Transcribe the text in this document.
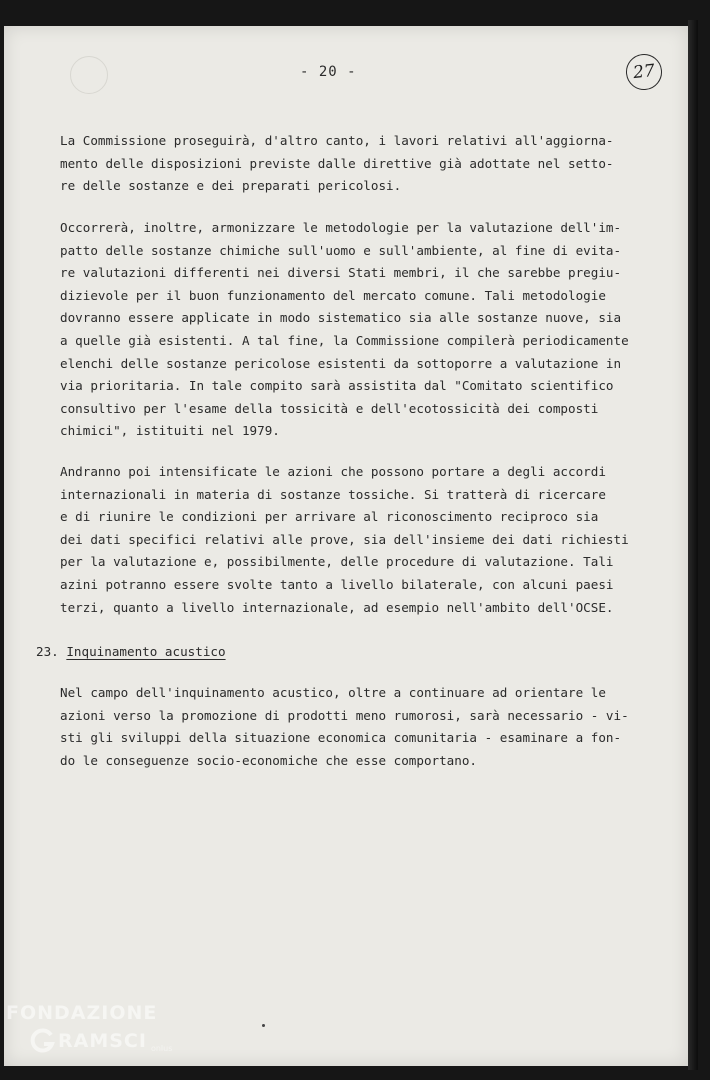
- 20 -	27

La Commissione proseguirà, d'altro canto, i lavori relativi all'aggiorna-
mento delle disposizioni previste dalle direttive già adottate nel setto-
re delle sostanze e dei preparati pericolosi.

Occorrerà, inoltre, armonizzare le metodologie per la valutazione dell'im-
patto delle sostanze chimiche sull'uomo e sull'ambiente, al fine di evita-
re valutazioni differenti nei diversi Stati membri, il che sarebbe pregiu-
dizievole per il buon funzionamento del mercato comune. Tali metodologie
dovranno essere applicate in modo sistematico sia alle sostanze nuove, sia
a quelle già esistenti. A tal fine, la Commissione compilerà periodicamente
elenchi delle sostanze pericolose esistenti da sottoporre a valutazione in
via prioritaria. In tale compito sarà assistita dal "Comitato scientifico
consultivo per l'esame della tossicità e dell'ecotossicità dei composti
chimici", istituiti nel 1979.

Andranno poi intensificate le azioni che possono portare a degli accordi
internazionali in materia di sostanze tossiche. Si tratterà di ricercare
e di riunire le condizioni per arrivare al riconoscimento reciproco sia
dei dati specifici relativi alle prove, sia dell'insieme dei dati richiesti
per la valutazione e, possibilmente, delle procedure di valutazione. Tali
azini potranno essere svolte tanto a livello bilaterale, con alcuni paesi
terzi, quanto a livello internazionale, ad esempio nell'ambito dell'OCSE.

23. Inquinamento acustico

Nel campo dell'inquinamento acustico, oltre a continuare ad orientare le
azioni verso la promozione di prodotti meno rumorosi, sarà necessario - vi-
sti gli sviluppi della situazione economica comunitaria - esaminare a fon-
do le conseguenze socio-economiche che esse comportano.

FONDAZIONE
RAMSCI onlus
